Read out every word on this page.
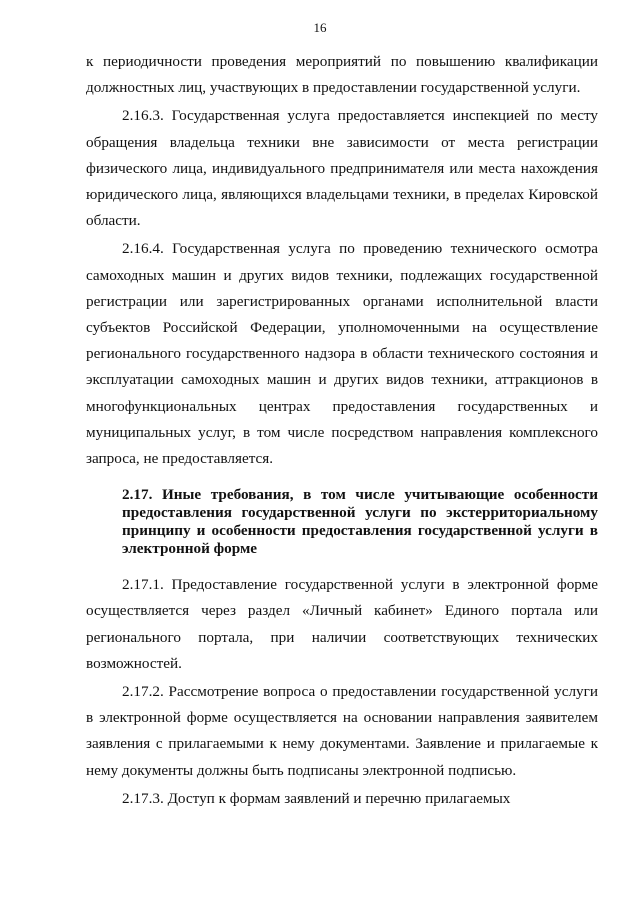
16

к периодичности проведения мероприятий по повышению квалификации должностных лиц, участвующих в предоставлении государственной услуги.

2.16.3. Государственная услуга предоставляется инспекцией по месту обращения владельца техники вне зависимости от места регистрации физического лица, индивидуального предпринимателя или места нахождения юридического лица, являющихся владельцами техники, в пределах Кировской области.

2.16.4. Государственная услуга по проведению технического осмотра самоходных машин и других видов техники, подлежащих государственной регистрации или зарегистрированных органами исполнительной власти субъектов Российской Федерации, уполномоченными на осуществление регионального государственного надзора в области технического состояния и эксплуатации самоходных машин и других видов техники, аттракционов в многофункциональных центрах предоставления государственных и муниципальных услуг, в том числе посредством направления комплексного запроса, не предоставляется.

2.17. Иные требования, в том числе учитывающие особенности предоставления государственной услуги по экстерриториальному принципу и особенности предоставления государственной услуги в электронной форме

2.17.1. Предоставление государственной услуги в электронной форме осуществляется через раздел «Личный кабинет» Единого портала или регионального портала, при наличии соответствующих технических возможностей.

2.17.2. Рассмотрение вопроса о предоставлении государственной услуги в электронной форме осуществляется на основании направления заявителем заявления с прилагаемыми к нему документами. Заявление и прилагаемые к нему документы должны быть подписаны электронной подписью.

2.17.3. Доступ к формам заявлений и перечню прилагаемых
